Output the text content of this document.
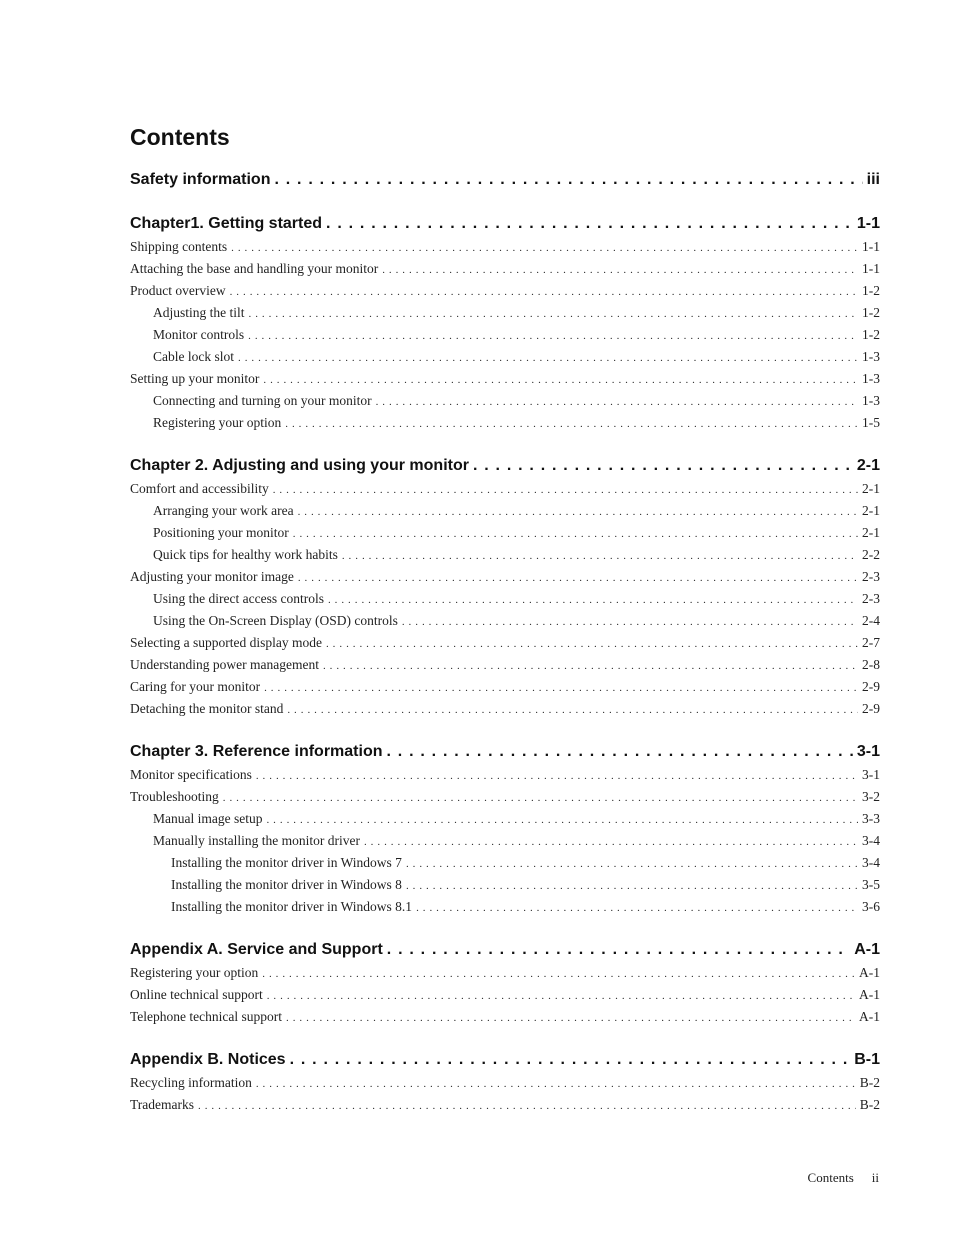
Contents
Safety information . . .	iii
Chapter1. Getting started . . .	1-1
Shipping contents . . .	1-1
Attaching the base and handling your monitor . . .	1-1
Product overview . . .	1-2
Adjusting the tilt . . .	1-2
Monitor controls . . .	1-2
Cable lock slot . . .	1-3
Setting up your monitor . . .	1-3
Connecting and turning on your monitor . . .	1-3
Registering your option . . .	1-5
Chapter 2. Adjusting and using your monitor . . .	2-1
Comfort and accessibility . . .	2-1
Arranging your work area . . .	2-1
Positioning your monitor . . .	2-1
Quick tips for healthy work habits . . .	2-2
Adjusting your monitor image . . .	2-3
Using the direct access controls . . .	2-3
Using the On-Screen Display (OSD) controls . . .	2-4
Selecting a supported display mode . . .	2-7
Understanding power management . . .	2-8
Caring for your monitor . . .	2-9
Detaching the monitor stand . . .	2-9
Chapter 3. Reference information . . .	3-1
Monitor specifications . . .	3-1
Troubleshooting . . .	3-2
Manual image setup . . .	3-3
Manually installing the monitor driver . . .	3-4
Installing the monitor driver in Windows 7 . . .	3-4
Installing the monitor driver in Windows 8 . . .	3-5
Installing the monitor driver in Windows 8.1 . . .	3-6
Appendix A. Service and Support . . .	A-1
Registering your option . . .	A-1
Online technical support . . .	A-1
Telephone technical support . . .	A-1
Appendix B. Notices . . .	B-1
Recycling information . . .	B-2
Trademarks . . .	B-2
Contents ii
